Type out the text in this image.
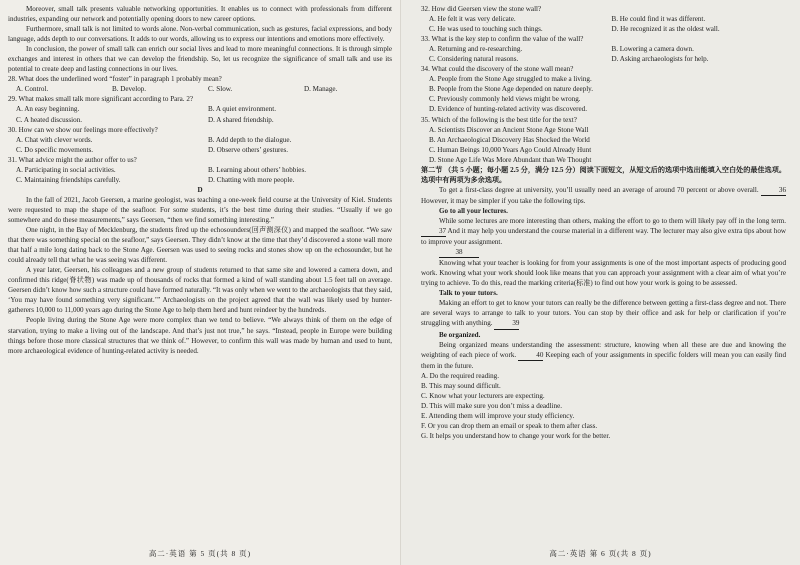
Moreover, small talk presents valuable networking opportunities. It enables us to connect with professionals from different industries, expanding our network and potentially opening doors to new career options.

Furthermore, small talk is not limited to words alone. Non-verbal communication, such as gestures, facial expressions, and body language, adds depth to our conversations. It adds to our words, allowing us to express our intentions and emotions more effectively.

In conclusion, the power of small talk can enrich our social lives and lead to more meaningful connections. It is through simple exchanges and interest in others that we can develop the friendship. So, let us recognize the significance of small talk and use its potential to create deep and lasting connections in our lives.

28. What does the underlined word “foster” in paragraph 1 probably mean?

A. Control.	B. Develop.	C. Slow.	D. Manage.

29. What makes small talk more significant according to Para. 2?

A. An easy beginning.	B. A quiet environment.
C. A heated discussion.	D. A shared friendship.

30. How can we show our feelings more effectively?

A. Chat with clever words.	B. Add depth to the dialogue.
C. Do specific movements.	D. Observe others’ gestures.

31. What advice might the author offer to us?

A. Participating in social activities.	B. Learning about others’ hobbies.
C. Maintaining friendships carefully.	D. Chatting with more people.

D

In the fall of 2021, Jacob Geersen, a marine geologist, was teaching a one-week field course at the University of Kiel. Students were requested to map the shape of the seafloor. For some students, it’s the best time during their studies. “Usually if we go somewhere and do these measurements,” says Geersen, “then we find something interesting.”

One night, in the Bay of Mecklenburg, the students fired up the echosounders(回声测深仪) and mapped the seafloor. “We saw that there was something special on the seafloor,” says Geersen. They didn’t know at the time that they’d discovered a stone wall more that half a mile long dating back to the Stone Age. Geersen was used to seeing rocks and stones show up on the echosounder, but he could already tell that what he was seeing was different.

A year later, Geersen, his colleagues and a new group of students returned to that same site and lowered a camera down, and confirmed this ridge(脊状物) was made up of thousands of rocks that formed a kind of wall standing about 1.5 feet tall on average. Geersen didn’t know how such a structure could have formed naturally. “It was only when we went to the archaeologists that they said, ‘You may have found something very significant.’” Archaeologists on the project agreed that the wall was likely used by hunter-gatherers 10,000 to 11,000 years ago during the Stone Age to help them herd and hunt reindeer by the hundreds.

People living during the Stone Age were more complex than we tend to believe. “We always think of them on the edge of starvation, trying to make a living out of the landscape. And that’s just not true,” he says. “Instead, people in Europe were building things before those more classical structures that we think of.” However, to confirm this wall was made by human and used to hunt, more archaeological evidence of hunting-related activity is needed.

高二·英语 第 5 页(共 8 页)

32. How did Geersen view the stone wall?

A. He felt it was very delicate.	B. He could find it was different.
C. He was used to touching such things.	D. He recognized it as the oldest wall.

33. What is the key step to confirm the value of the wall?

A. Returning and re-researching.	B. Lowering a camera down.
C. Considering natural reasons.	D. Asking archaeologists for help.

34. What could the discovery of the stone wall mean?

A. People from the Stone Age struggled to make a living.
B. People from the Stone Age depended on nature deeply.
C. Previously commonly held views might be wrong.
D. Evidence of hunting-related activity was discovered.

35. Which of the following is the best title for the text?

A. Scientists Discover an Ancient Stone Age Stone Wall
B. An Archaeological Discovery Has Shocked the World
C. Human Beings 10,000 Years Ago Could Already Hunt
D. Stone Age Life Was More Abundant than We Thought

第二节 （共 5 小题；每小题 2.5 分，满分 12.5 分）阅读下面短文，从短文后的选项中选出能填入空白处的最佳选项。选项中有两项为多余选项。

To get a first-class degree at university, you’ll usually need an average of around 70 percent or above overall.	36 However, it may be simpler if you take the following tips.

Go to all your lectures.

While some lectures are more interesting than others, making the effort to go to them will likely pay off in the long term. 37 And it may help you understand the course material in a different way. The lecturer may also give extra tips about how to improve your assignment.

38

Knowing what your teacher is looking for from your assignments is one of the most important aspects of producing good work. Knowing what your work should look like means that you can approach your assignment with a clear aim of what you’re trying to achieve. To do this, read the marking criteria(标准) to find out how your work is going to be assessed.

Talk to your tutors.

Making an effort to get to know your tutors can really be the difference between getting a first-class degree and not. There are several ways to arrange to talk to your tutors. You can stop by their office and ask for help or clarification if you’re struggling with anything.	39

Be organized.

Being organized means understanding the assessment: structure, knowing when all these are due and knowing the weighting of each piece of work.	40 Keeping each of your assignments in specific folders will mean you can easily find them in the future.

A. Do the required reading.

B. This may sound difficult.

C. Know what your lecturers are expecting.

D. This will make sure you don’t miss a deadline.

E. Attending them will improve your study efficiency.

F. Or you can drop them an email or speak to them after class.

G. It helps you understand how to change your work for the better.

高二·英语 第 6 页(共 8 页)
